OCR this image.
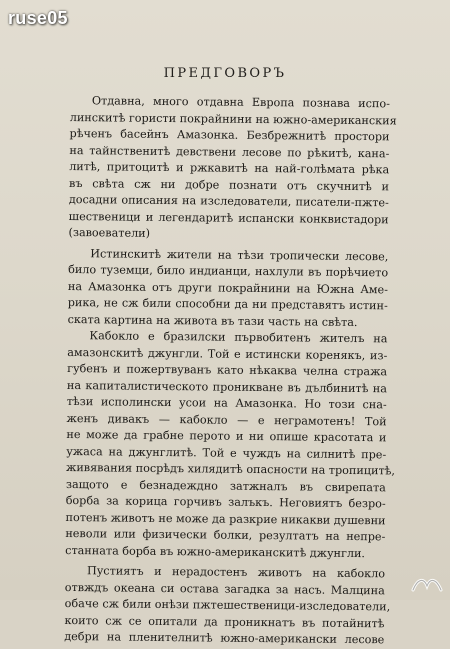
ruse05
ПРЕДГОВОРЪ
Отдавна, много отдавна Европа познава испо-
линскитѣ гористи покрайнини на южно-американския
рѣченъ басейнъ Амазонка. Безбрежнитѣ простори
на тайнственитѣ девствени лесове по рѣкитѣ, кана-
литѣ, притоцитѣ и ржкавитѣ на най-голѣмата рѣка
въ свѣта сж ни добре познати отъ скучнитѣ и
досадни описания на изследователи, писатели-пжте-
шественици и легендаритѣ испански конквистадори
(завоеватели)
Истинскитѣ жители на тѣзи тропически лесове,
било туземци, било индианци, нахлули въ порѣчието
на Амазонка отъ други покрайнини на Южна Аме-
рика, не сж били способни да ни представятъ истин-
ската картина на живота въ тази часть на свѣта.
Кабокло е бразилски първобитенъ жителъ на
амазонскитѣ джунгли. Той е истински коренякъ, из-
губенъ и пожертвуванъ като нѣкаква челна стража
на капиталистическото проникване въ дълбинитѣ на
тѣзи исполински усои на Амазонка. Но този сна-
женъ дивакъ — кабокло — е неграмотенъ! Той
не може да грабне перото и ни опише красотата и
ужаса на джунглитѣ. Той е чуждъ на силнитѣ пре-
живявания посрѣдъ хилядитѣ опасности на тропицитѣ,
защото е безнадеждно затжналъ въ свирепата
борба за корица горчивъ залъкъ. Неговиятъ безро-
потенъ животъ не може да разкрие никакви душевни
неволи или физически болки, резултатъ на непре-
станната борба въ южно-американскитѣ джунгли.
Пустиятъ и нерадостенъ животъ на кабокло
отвждъ океана си остава загадка за насъ. Малцина
обаче сж били онѣзи пжтешественици-изследователи,
които сж се опитали да проникнатъ въ потайнитѣ
дебри на пленителнитѣ южно-американски лесове
